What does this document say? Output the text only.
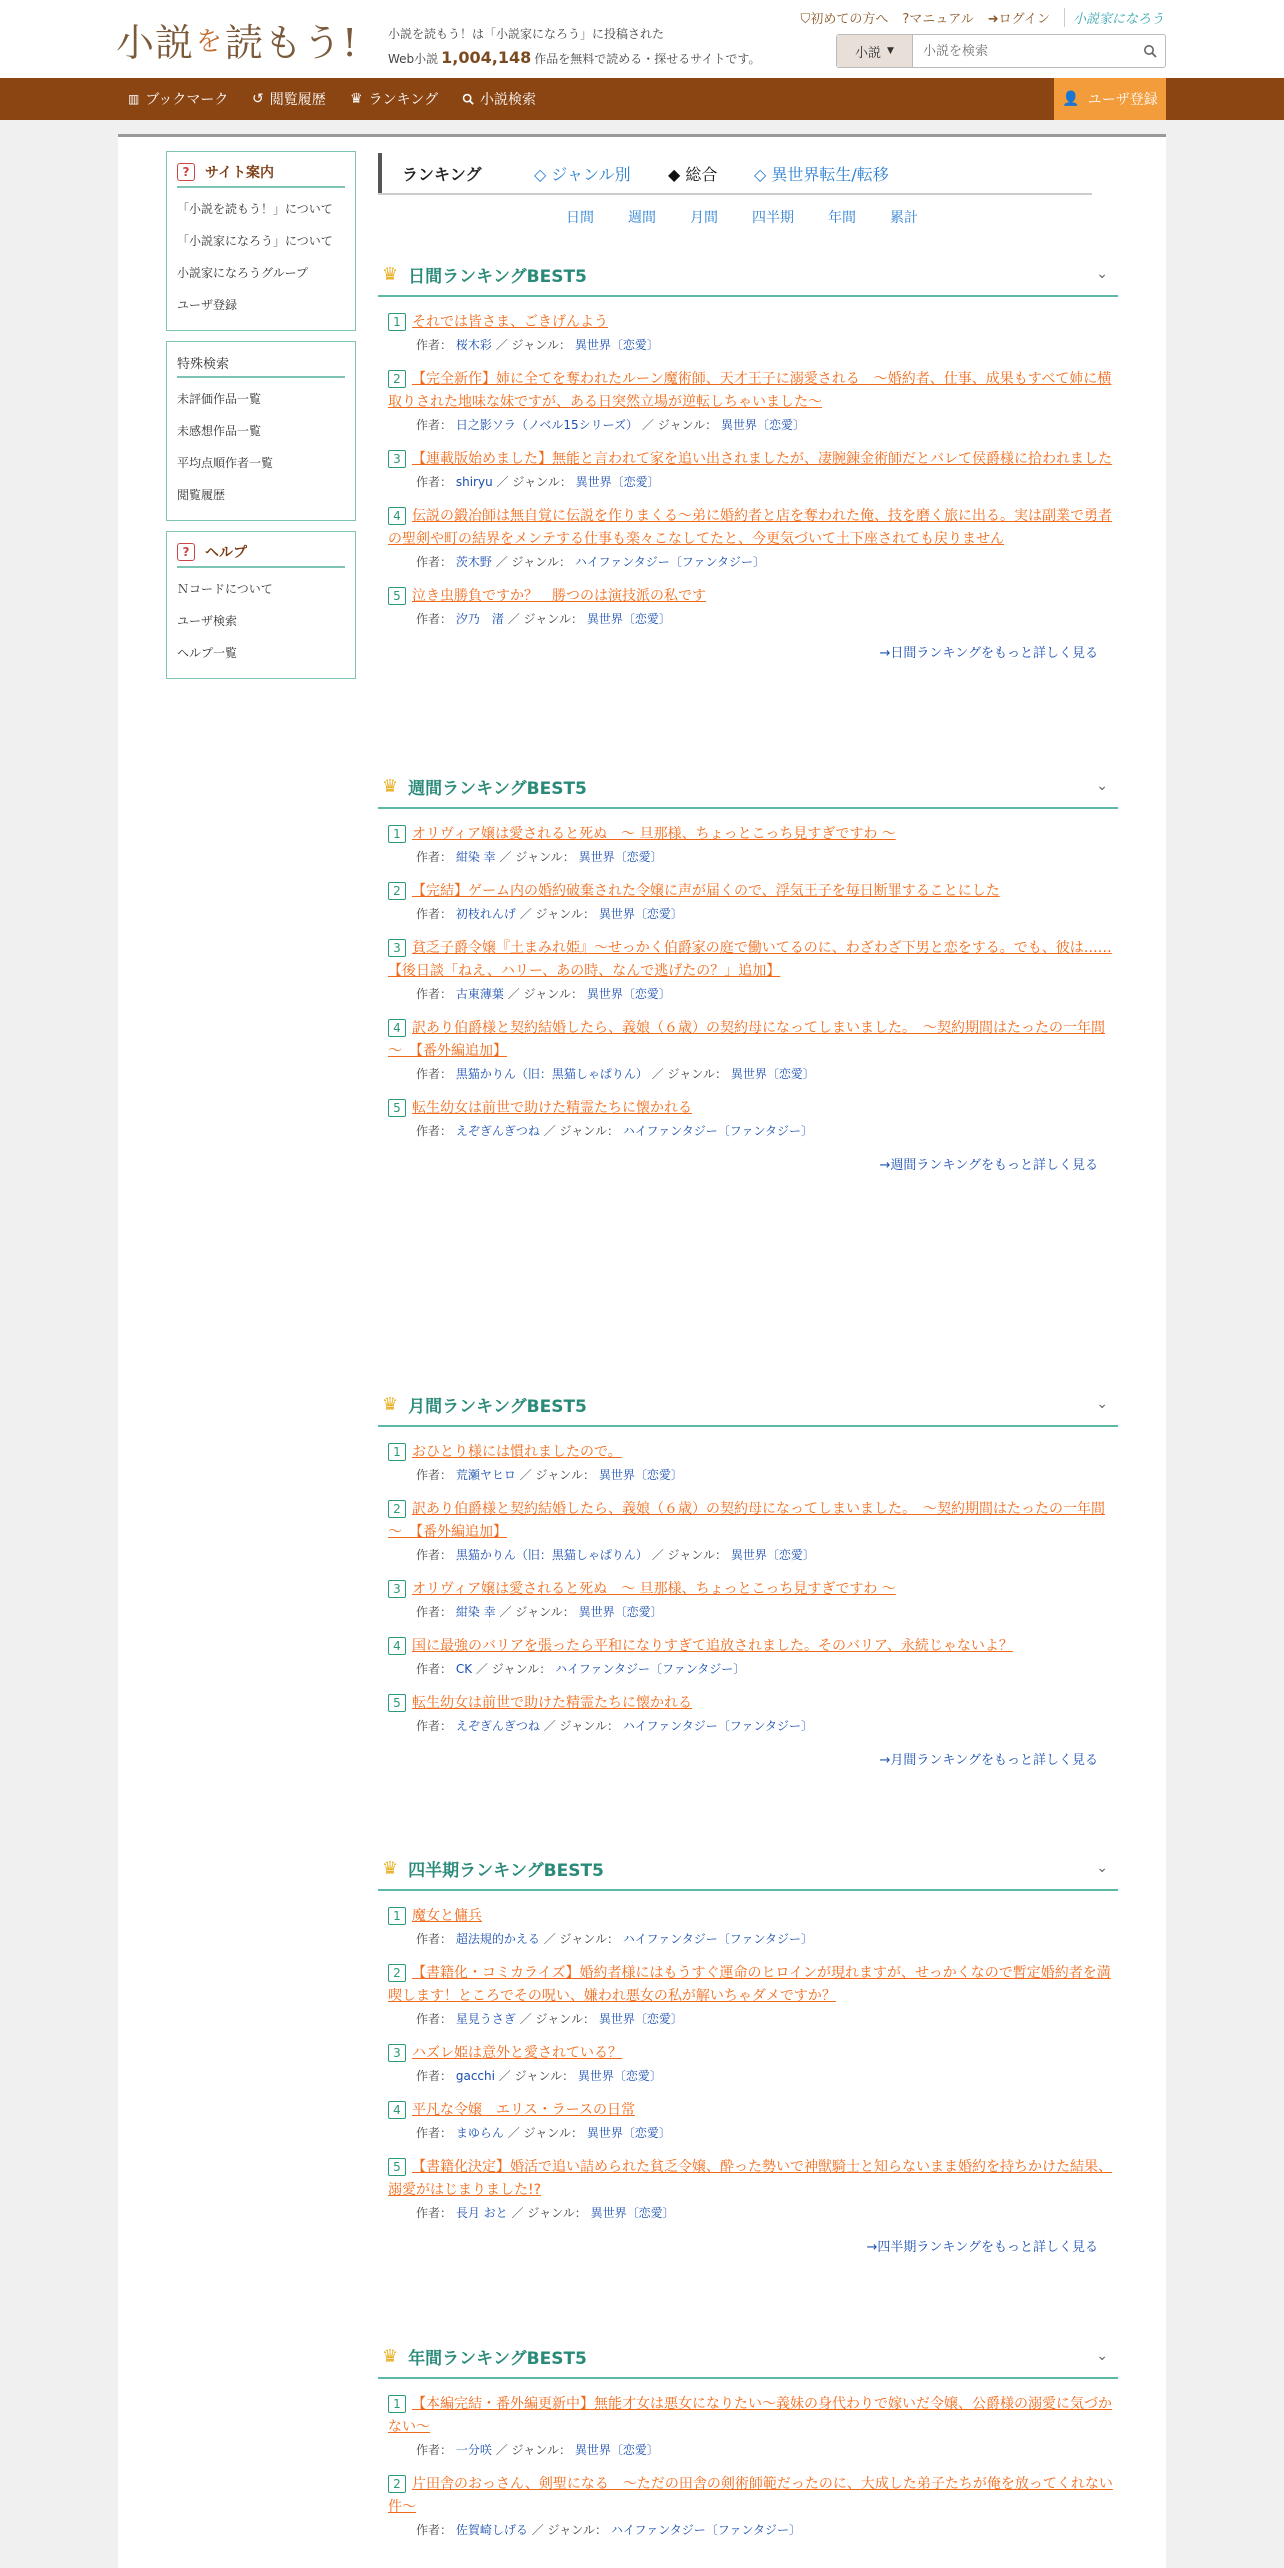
小説 を 読もう! 小説を読もう！は「小説家になろう」に投稿された
Web小説 1,004,148 作品を無料で読める・探せるサイトです。
⛉初めての方へ ?マニュアル ➜ログイン	小説家になろう
小説 ▼
小説を検索
▥ ブックマーク ↺ 閲覧履歴 ♛ ランキング	小説検索	👤 ユーザ登録
?	サイト案内
「小説を読もう！」について
「小説家になろう」について
小説家になろうグループ
ユーザ登録
特殊検索
未評価作品一覧
未感想作品一覧
平均点順作者一覧
閲覧履歴
?	ヘルプ
Ｎコードについて
ユーザ検索
ヘルプ一覧
ランキング	◇ ジャンル別 ◆ 総合 ◇ 異世界転生/転移
日間 週間 月間 四半期 年間 累計
♛ 日間ランキングBEST5	⌄
1 それでは皆さま、ごきげんよう
作者： 桜木彩 ／ ジャンル： 異世界〔恋愛〕
2 【完全新作】姉に全てを奪われたルーン魔術師、天才王子に溺愛される　～婚約者、仕事、成果もすべて姉に横取りされた地味な妹ですが、ある日突然立場が逆転しちゃいました～
作者： 日之影ソラ（ノベル15シリーズ） ／ ジャンル： 異世界〔恋愛〕
3 【連載版始めました】無能と言われて家を追い出されましたが、凄腕錬金術師だとバレて侯爵様に拾われました
作者： shiryu ／ ジャンル： 異世界〔恋愛〕
4 伝説の鍛冶師は無自覚に伝説を作りまくる～弟に婚約者と店を奪われた俺、技を磨く旅に出る。実は副業で勇者の聖剣や町の結界をメンテする仕事も楽々こなしてたと、今更気づいて土下座されても戻りません
作者： 茨木野 ／ ジャンル： ハイファンタジー〔ファンタジー〕
5 泣き虫勝負ですか？　勝つのは演技派の私です
作者： 汐乃　渚 ／ ジャンル： 異世界〔恋愛〕
→日間ランキングをもっと詳しく見る
♛ 週間ランキングBEST5	⌄
1 オリヴィア嬢は愛されると死ぬ　～ 旦那様、ちょっとこっち見すぎですわ ～
作者： 紺染 幸 ／ ジャンル： 異世界〔恋愛〕
2 【完結】ゲーム内の婚約破棄された令嬢に声が届くので、浮気王子を毎日断罪することにした
作者： 初枝れんげ ／ ジャンル： 異世界〔恋愛〕
3 貧乏子爵令嬢『土まみれ姫』～せっかく伯爵家の庭で働いてるのに、わざわざ下男と恋をする。でも、彼は……【後日談「ねえ、ハリー、あの時、なんで逃げたの？」追加】
作者： 古東薄葉 ／ ジャンル： 異世界〔恋愛〕
4 訳あり伯爵様と契約結婚したら、義娘（６歳）の契約母になってしまいました。　～契約期間はたったの一年間～　【番外編追加】
作者： 黒猫かりん（旧：黒猫しゃぱりん） ／ ジャンル： 異世界〔恋愛〕
5 転生幼女は前世で助けた精霊たちに懐かれる
作者： えぞぎんぎつね ／ ジャンル： ハイファンタジー〔ファンタジー〕
→週間ランキングをもっと詳しく見る
♛ 月間ランキングBEST5	⌄
1 おひとり様には慣れましたので。
作者： 荒瀬ヤヒロ ／ ジャンル： 異世界〔恋愛〕
2 訳あり伯爵様と契約結婚したら、義娘（６歳）の契約母になってしまいました。　～契約期間はたったの一年間～　【番外編追加】
作者： 黒猫かりん（旧：黒猫しゃぱりん） ／ ジャンル： 異世界〔恋愛〕
3 オリヴィア嬢は愛されると死ぬ　～ 旦那様、ちょっとこっち見すぎですわ ～
作者： 紺染 幸 ／ ジャンル： 異世界〔恋愛〕
4 国に最強のバリアを張ったら平和になりすぎて追放されました。そのバリア、永続じゃないよ？
作者： CK ／ ジャンル： ハイファンタジー〔ファンタジー〕
5 転生幼女は前世で助けた精霊たちに懐かれる
作者： えぞぎんぎつね ／ ジャンル： ハイファンタジー〔ファンタジー〕
→月間ランキングをもっと詳しく見る
♛ 四半期ランキングBEST5	⌄
1 魔女と傭兵
作者： 超法規的かえる ／ ジャンル： ハイファンタジー〔ファンタジー〕
2 【書籍化・コミカライズ】婚約者様にはもうすぐ運命のヒロインが現れますが、せっかくなので暫定婚約者を満喫します！ところでその呪い、嫌われ悪女の私が解いちゃダメですか？
作者： 星見うさぎ ／ ジャンル： 異世界〔恋愛〕
3 ハズレ姫は意外と愛されている？
作者： gacchi ／ ジャンル： 異世界〔恋愛〕
4 平凡な令嬢　エリス・ラースの日常
作者： まゆらん ／ ジャンル： 異世界〔恋愛〕
5 【書籍化決定】婚活で追い詰められた貧乏令嬢、酔った勢いで神獣騎士と知らないまま婚約を持ちかけた結果、溺愛がはじまりました!?
作者： 長月 おと ／ ジャンル： 異世界〔恋愛〕
→四半期ランキングをもっと詳しく見る
♛ 年間ランキングBEST5	⌄
1 【本編完結・番外編更新中】無能才女は悪女になりたい～義妹の身代わりで嫁いだ令嬢、公爵様の溺愛に気づかない～
作者： 一分咲 ／ ジャンル： 異世界〔恋愛〕
2 片田舎のおっさん、剣聖になる　～ただの田舎の剣術師範だったのに、大成した弟子たちが俺を放ってくれない件～
作者： 佐賀崎しげる ／ ジャンル： ハイファンタジー〔ファンタジー〕
